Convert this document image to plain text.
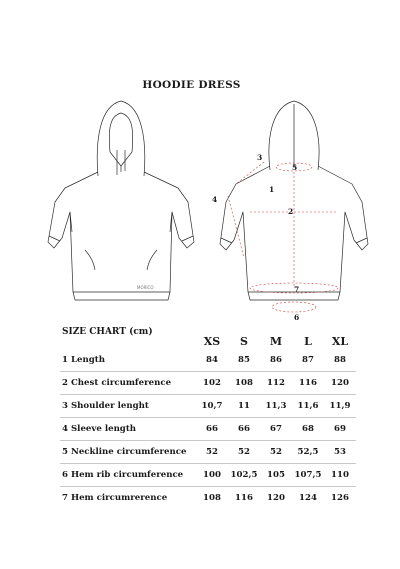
HOODIE DRESS
1
2
3
4
5
6
7
MORICO
SIZE CHART (cm)
	XS	S	M	L	XL
1 Length	84	85	86	87	88
2 Chest circumference	102	108	112	116	120
3 Shoulder lenght	10,7	11	11,3	11,6	11,9
4 Sleeve length	66	66	67	68	69
5 Neckline circumference	52	52	52	52,5	53
6 Hem rib circumference	100	102,5	105	107,5	110
7 Hem circumrerence	108	116	120	124	126
